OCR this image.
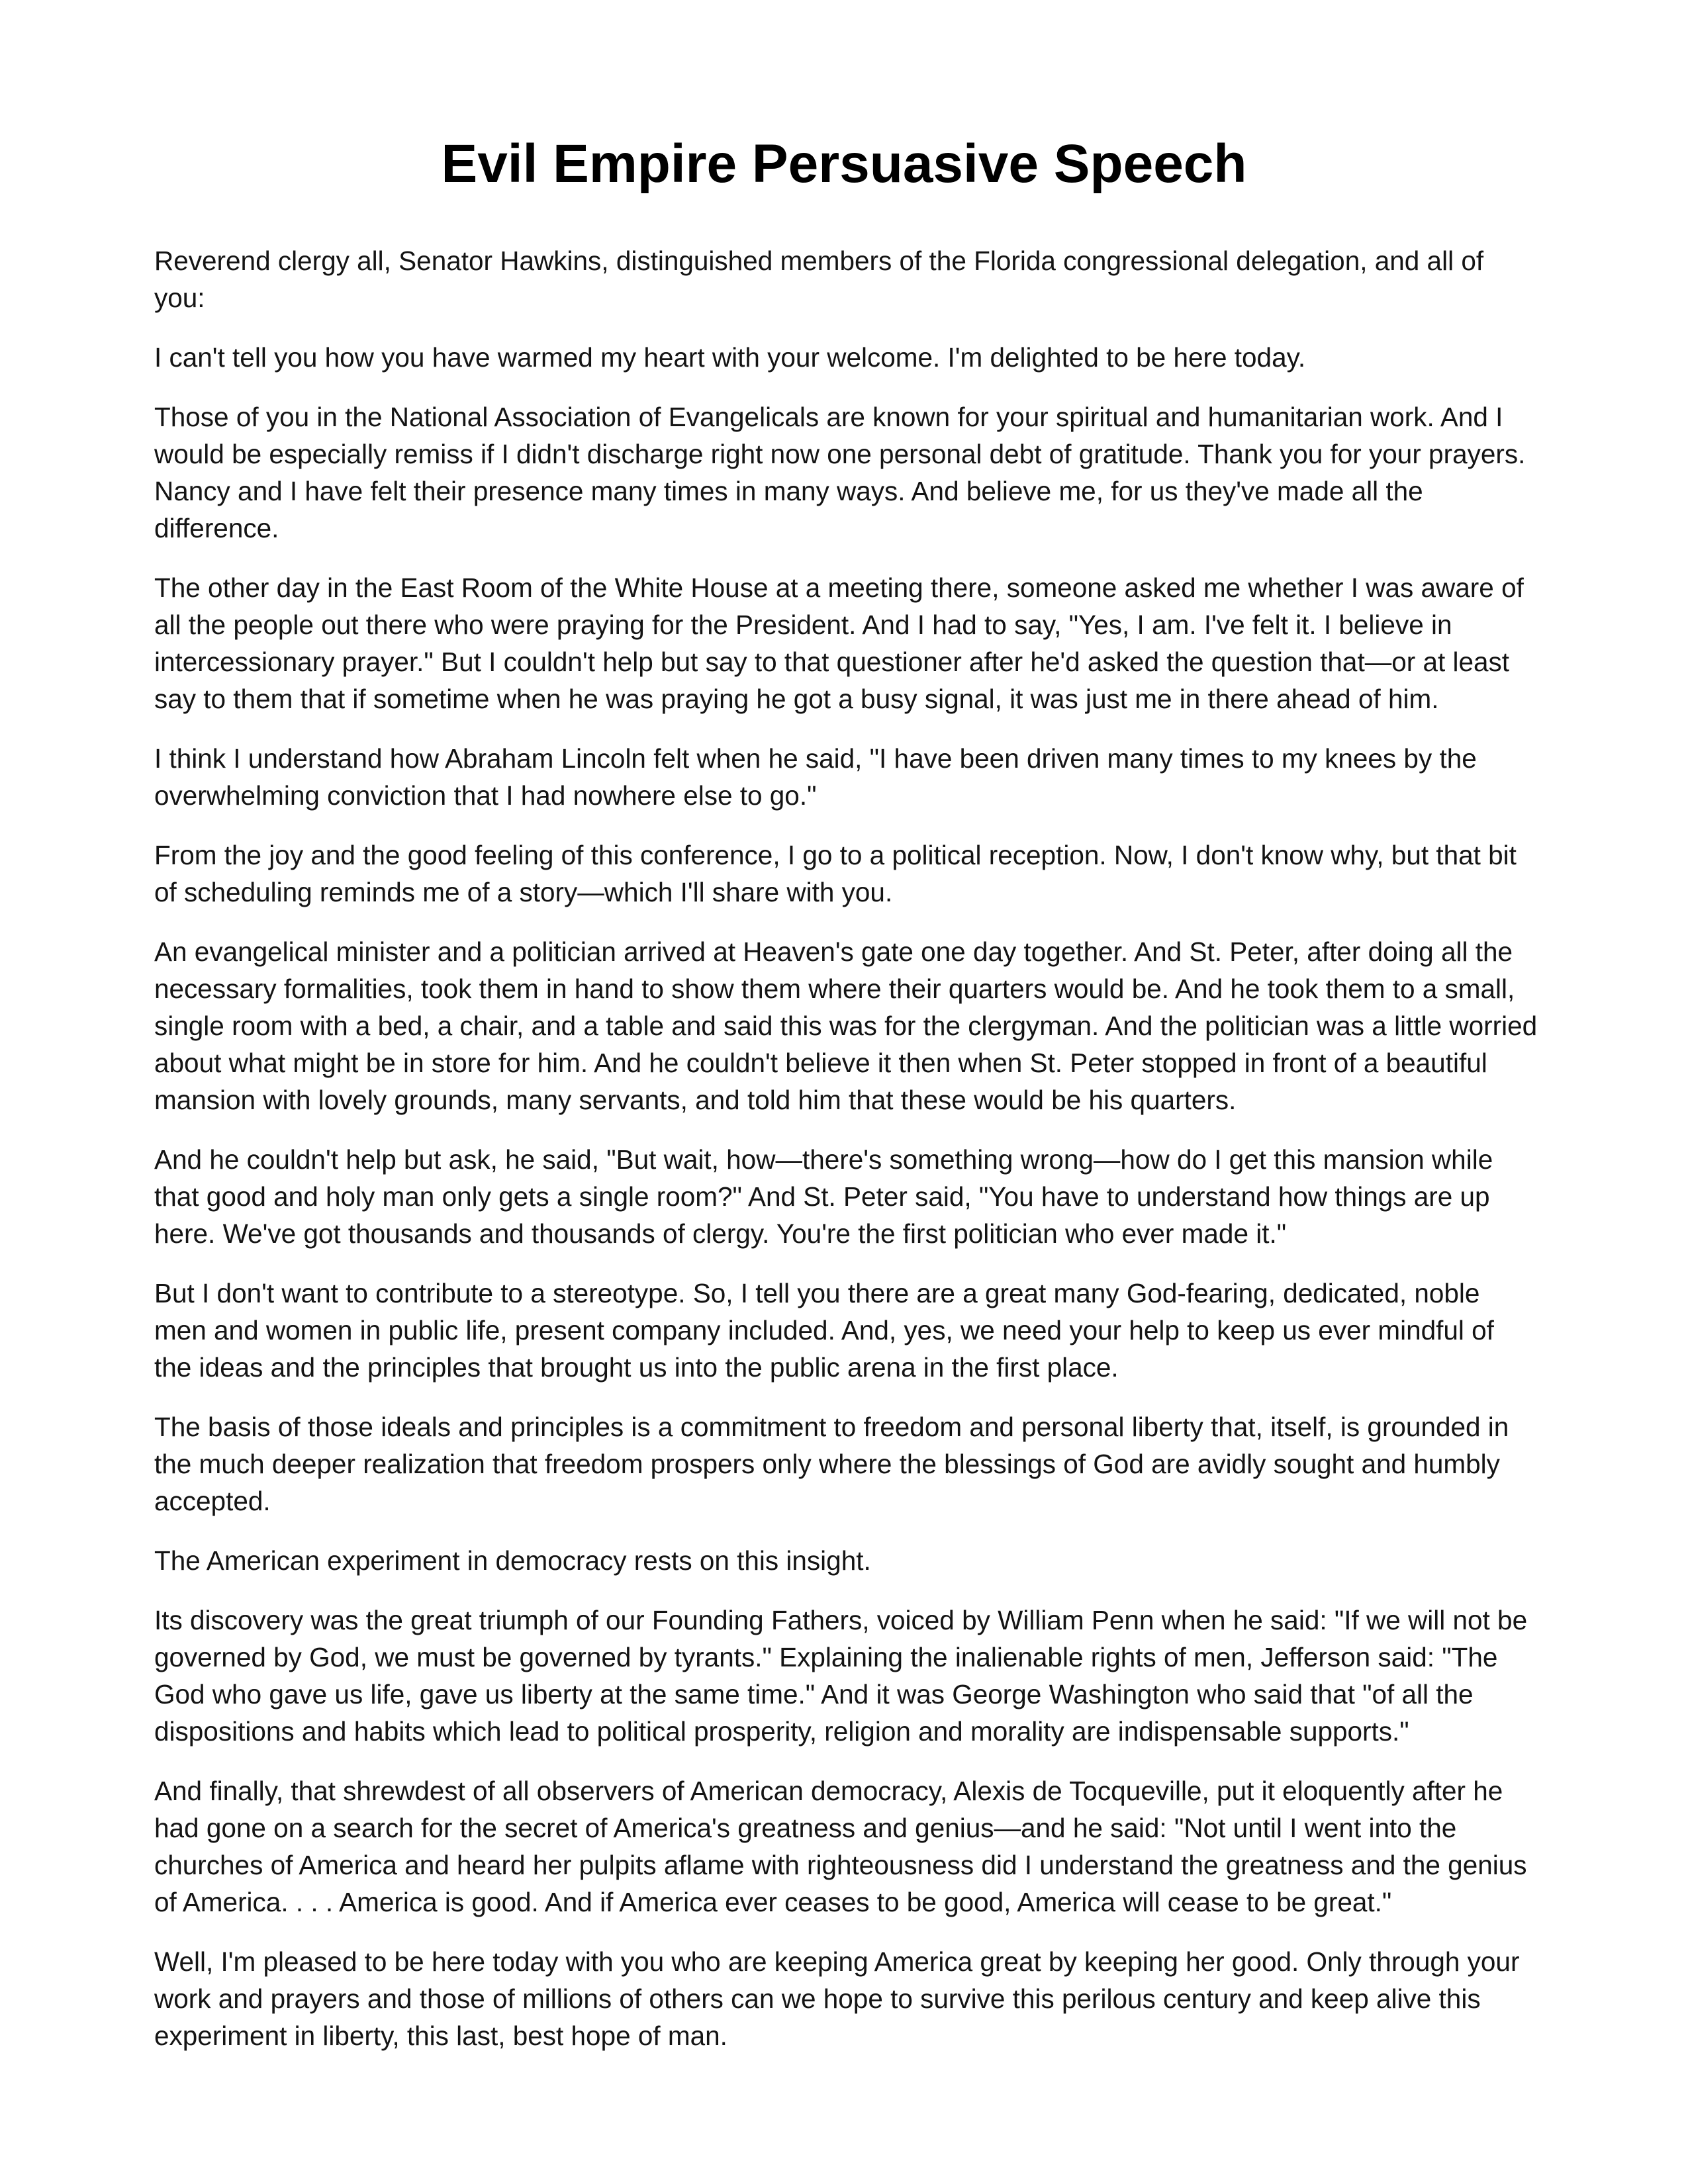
Evil Empire Persuasive Speech

Reverend clergy all, Senator Hawkins, distinguished members of the Florida congressional delegation, and all of you:

I can't tell you how you have warmed my heart with your welcome. I'm delighted to be here today.

Those of you in the National Association of Evangelicals are known for your spiritual and humanitarian work. And I would be especially remiss if I didn't discharge right now one personal debt of gratitude. Thank you for your prayers. Nancy and I have felt their presence many times in many ways. And believe me, for us they've made all the difference.

The other day in the East Room of the White House at a meeting there, someone asked me whether I was aware of all the people out there who were praying for the President. And I had to say, "Yes, I am. I've felt it. I believe in intercessionary prayer." But I couldn't help but say to that questioner after he'd asked the question that—or at least say to them that if sometime when he was praying he got a busy signal, it was just me in there ahead of him.

I think I understand how Abraham Lincoln felt when he said, "I have been driven many times to my knees by the overwhelming conviction that I had nowhere else to go."

From the joy and the good feeling of this conference, I go to a political reception. Now, I don't know why, but that bit of scheduling reminds me of a story—which I'll share with you.

An evangelical minister and a politician arrived at Heaven's gate one day together. And St. Peter, after doing all the necessary formalities, took them in hand to show them where their quarters would be. And he took them to a small, single room with a bed, a chair, and a table and said this was for the clergyman. And the politician was a little worried about what might be in store for him. And he couldn't believe it then when St. Peter stopped in front of a beautiful mansion with lovely grounds, many servants, and told him that these would be his quarters.

And he couldn't help but ask, he said, "But wait, how—there's something wrong—how do I get this mansion while that good and holy man only gets a single room?" And St. Peter said, "You have to understand how things are up here. We've got thousands and thousands of clergy. You're the first politician who ever made it."

But I don't want to contribute to a stereotype. So, I tell you there are a great many God-fearing, dedicated, noble men and women in public life, present company included. And, yes, we need your help to keep us ever mindful of the ideas and the principles that brought us into the public arena in the first place.

The basis of those ideals and principles is a commitment to freedom and personal liberty that, itself, is grounded in the much deeper realization that freedom prospers only where the blessings of God are avidly sought and humbly accepted.

The American experiment in democracy rests on this insight.

Its discovery was the great triumph of our Founding Fathers, voiced by William Penn when he said: "If we will not be governed by God, we must be governed by tyrants." Explaining the inalienable rights of men, Jefferson said: "The God who gave us life, gave us liberty at the same time." And it was George Washington who said that "of all the dispositions and habits which lead to political prosperity, religion and morality are indispensable supports."

And finally, that shrewdest of all observers of American democracy, Alexis de Tocqueville, put it eloquently after he had gone on a search for the secret of America's greatness and genius—and he said: "Not until I went into the churches of America and heard her pulpits aflame with righteousness did I understand the greatness and the genius of America. . . . America is good. And if America ever ceases to be good, America will cease to be great."

Well, I'm pleased to be here today with you who are keeping America great by keeping her good. Only through your work and prayers and those of millions of others can we hope to survive this perilous century and keep alive this experiment in liberty, this last, best hope of man.
